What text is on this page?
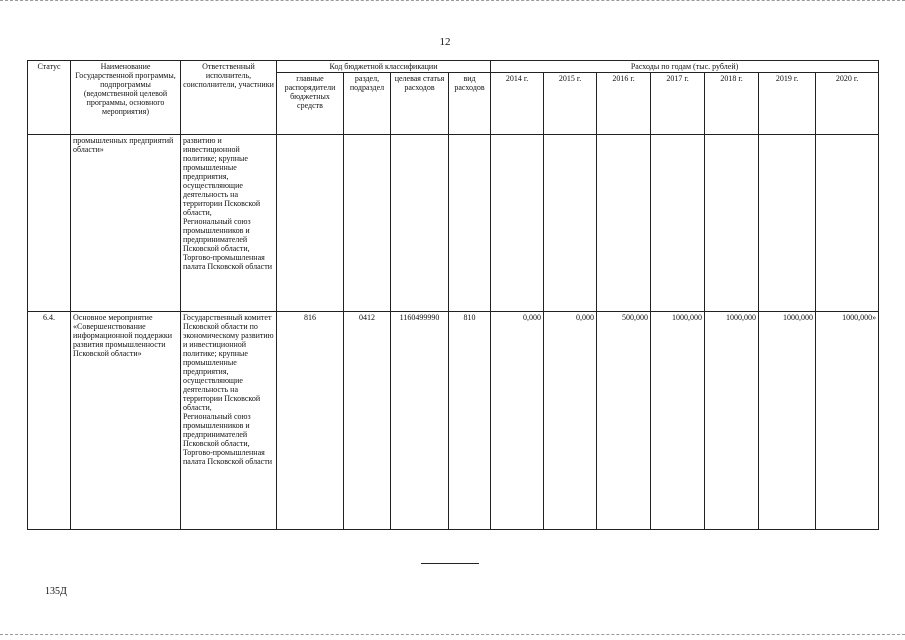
12
Статус	Наименование Государственной программы, подпрограммы (ведомственной целевой программы, основного мероприятия)	Ответственный исполнитель, соисполнители, участники	Код бюджетной классификации				Расходы по годам (тыс. рублей)						
			главные распорядители бюджетных средств	раздел, подраздел	целевая статья расходов	вид расходов	2014 г.	2015 г.	2016 г.	2017 г.	2018 г.	2019 г.	2020 г.
	промышленных предприятий области»	развитию и инвестиционной политике; крупные промышленные предприятия, осуществляющие деятельность на территории Псковской области,
Региональный союз промышленников и предпринимателей Псковской области,
Торгово-промышленная палата Псковской области											

6.4.	Основное мероприятие «Совершенствование информационной поддержки развития промышленности Псковской области»	Государственный комитет Псковской области по экономическому развитию и инвестиционной политике; крупные промышленные предприятия, осуществляющие деятельность на территории Псковской области,
Региональный союз промышленников и предпринимателей Псковской области,
Торгово-промышленная палата Псковской области	816	0412	1160499990	810	0,000	0,000	500,000	1000,000	1000,000	1000,000	1000,000»
135Д
